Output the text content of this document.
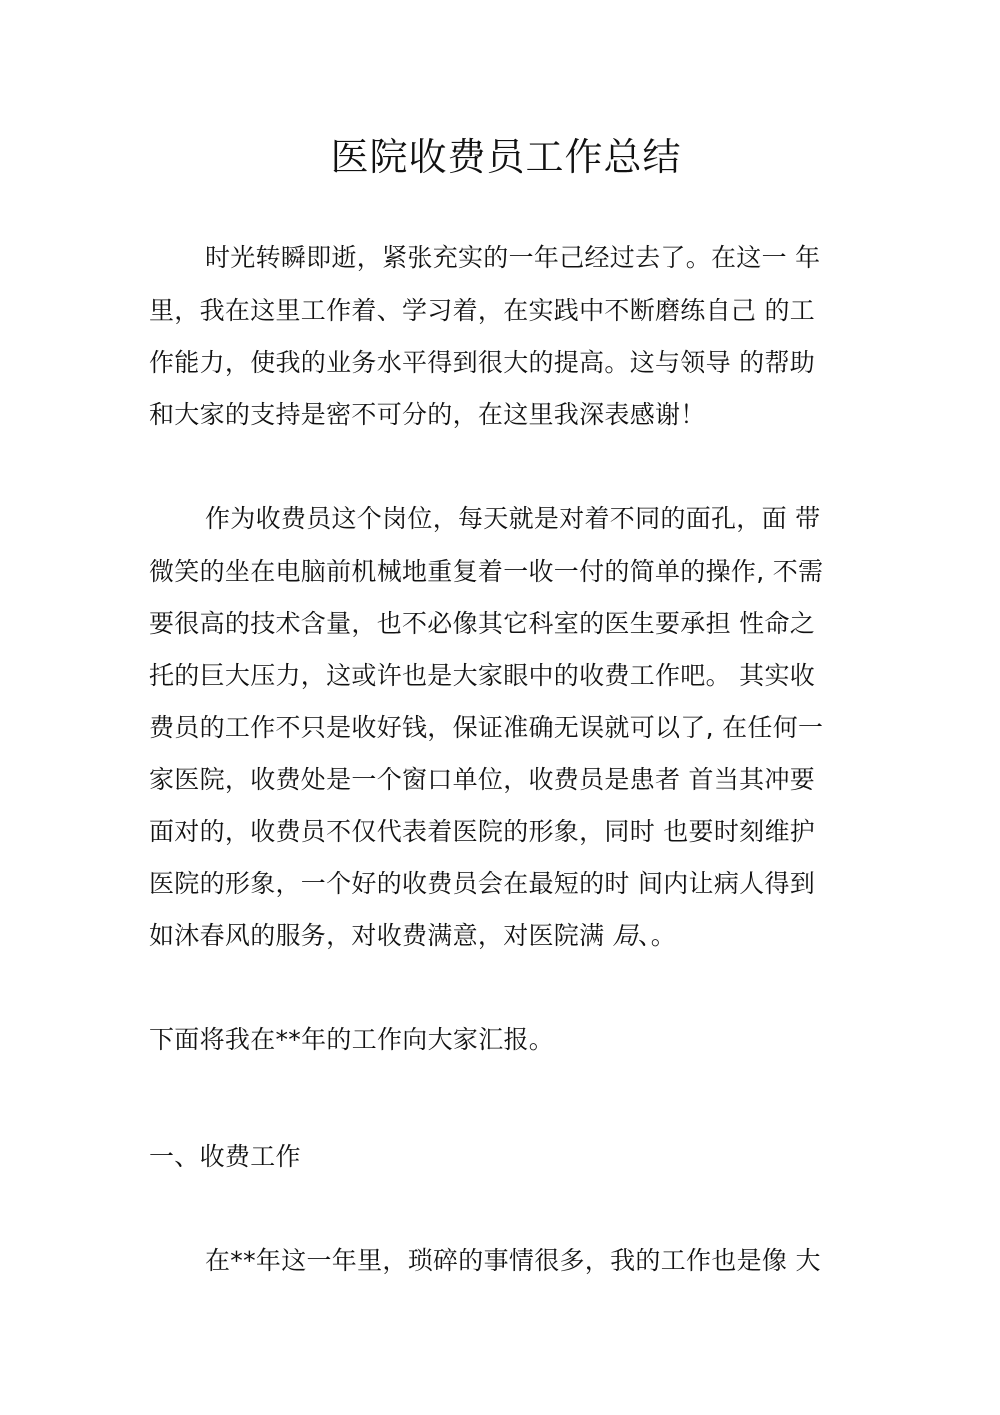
医院收费员工作总结

时光转瞬即逝，紧张充实的一年己经过去了。在这一 年

里，我在这里工作着、学习着，在实践中不断磨练自己 的工

作能力，使我的业务水平得到很大的提高。这与领导 的帮助

和大家的支持是密不可分的，在这里我深表感谢！

作为收费员这个岗位，每天就是对着不同的面孔，面 带

微笑的坐在电脑前机械地重复着一收一付的简单的操作, 不需

要很高的技术含量，也不必像其它科室的医生要承担 性命之

托的巨大压力，这或许也是大家眼中的收费工作吧。 其实收

费员的工作不只是收好钱，保证准确无误就可以了, 在任何一

家医院，收费处是一个窗口单位，收费员是患者 首当其冲要

面对的，收费员不仅代表着医院的形象，同时 也要时刻维护

医院的形象，一个好的收费员会在最短的时 间内让病人得到

如沐春风的服务，对收费满意，对医院满 局、。

下面将我在**年的工作向大家汇报。

一、收费工作

在**年这一年里，琐碎的事情很多，我的工作也是像 大
